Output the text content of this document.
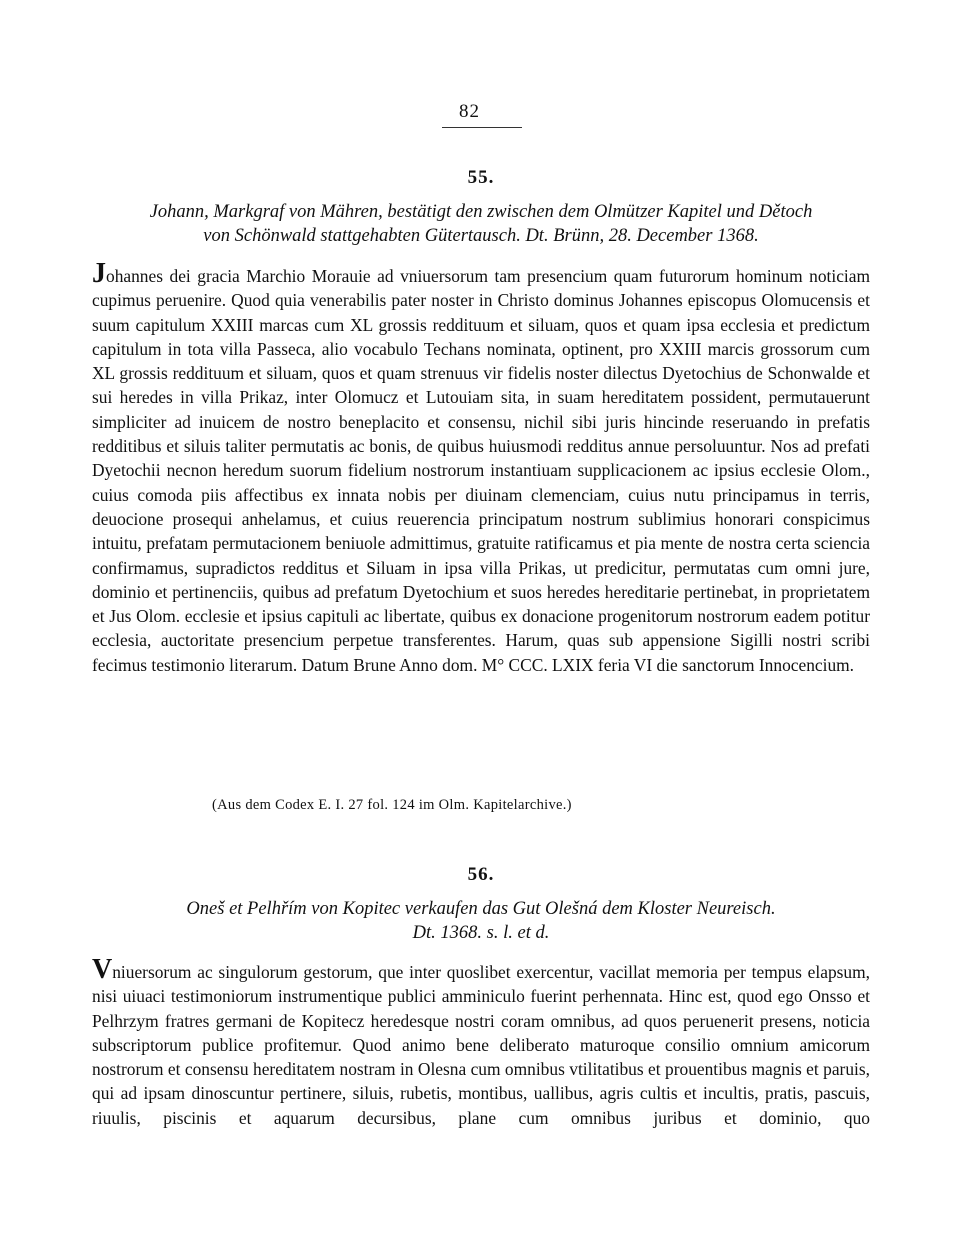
82
55.
Johann, Markgraf von Mähren, bestätigt den zwischen dem Olmützer Kapitel und Dětoch
von Schönwald stattgehabten Gütertausch. Dt. Brünn, 28. December 1368.
Johannes dei gracia Marchio Morauie ad vniuersorum tam presencium quam futurorum hominum noticiam cupimus peruenire. Quod quia venerabilis pater noster in Christo dominus Johannes episcopus Olomucensis et suum capitulum XXIII marcas cum XL grossis reddituum et siluam, quos et quam ipsa ecclesia et predictum capitulum in tota villa Passeca, alio vocabulo Techans nominata, optinent, pro XXIII marcis grossorum cum XL grossis reddituum et siluam, quos et quam strenuus vir fidelis noster dilectus Dyetochius de Schonwalde et sui heredes in villa Prikaz, inter Olomucz et Lutouiam sita, in suam hereditatem possident, permutauerunt simpliciter ad inuicem de nostro beneplacito et consensu, nichil sibi juris hincinde reseruando in prefatis redditibus et siluis taliter permutatis ac bonis, de quibus huiusmodi redditus annue persoluuntur. Nos ad prefati Dyetochii necnon heredum suorum fidelium nostrorum instantiuam supplicacionem ac ipsius ecclesie Olom., cuius comoda piis affectibus ex innata nobis per diuinam clemenciam, cuius nutu principamus in terris, deuocione prosequi anhelamus, et cuius reuerencia principatum nostrum sublimius honorari conspicimus intuitu, prefatam permutacionem beniuole admittimus, gratuite ratificamus et pia mente de nostra certa sciencia confirmamus, supradictos redditus et Siluam in ipsa villa Prikas, ut predicitur, permutatas cum omni jure, dominio et pertinenciis, quibus ad prefatum Dyetochium et suos heredes hereditarie pertinebat, in proprietatem et Jus Olom. ecclesie et ipsius capituli ac libertate, quibus ex donacione progenitorum nostrorum eadem potitur ecclesia, auctoritate presencium perpetue transferentes. Harum, quas sub appensione Sigilli nostri scribi fecimus testimonio literarum. Datum Brune Anno dom. M° CCC. LXIX feria VI die sanctorum Innocencium.
(Aus dem Codex E. I. 27 fol. 124 im Olm. Kapitelarchive.)
56.
Oneš et Pelhřím von Kopitec verkaufen das Gut Olešná dem Kloster Neureisch.
Dt. 1368. s. l. et d.
Vniuersorum ac singulorum gestorum, que inter quoslibet exercentur, vacillat memoria per tempus elapsum, nisi uiuaci testimoniorum instrumentique publici amminiculo fuerint perhennata. Hinc est, quod ego Onsso et Pelhrzym fratres germani de Kopitecz heredesque nostri coram omnibus, ad quos peruenerit presens, noticia subscriptorum publice profitemur. Quod animo bene deliberato maturoque consilio omnium amicorum nostrorum et consensu hereditatem nostram in Olesna cum omnibus vtilitatibus et prouentibus magnis et paruis, qui ad ipsam dinoscuntur pertinere, siluis, rubetis, montibus, uallibus, agris cultis et incultis, pratis, pascuis, riuulis, piscinis et aquarum decursibus, plane cum omnibus juribus et dominio, quo
